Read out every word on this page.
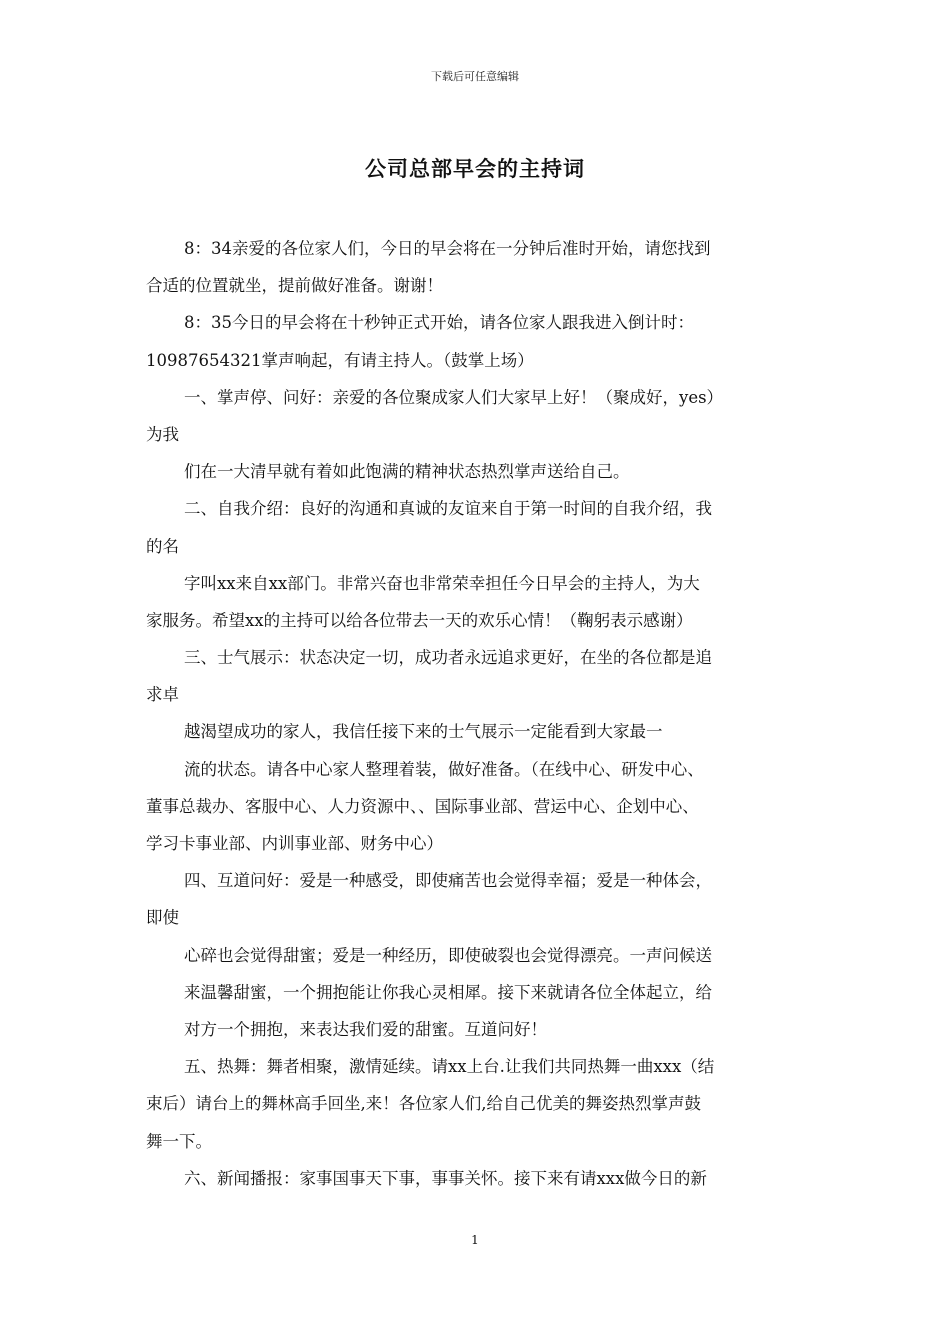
下载后可任意编辑
公司总部早会的主持词
8：34亲爱的各位家人们，今日的早会将在一分钟后准时开始，请您找到
合适的位置就坐，提前做好准备。谢谢！
8：35今日的早会将在十秒钟正式开始，请各位家人跟我进入倒计时：
10987654321掌声响起，有请主持人。（鼓掌上场）
一、掌声停、问好：亲爱的各位聚成家人们大家早上好！（聚成好，yes）
为我
们在一大清早就有着如此饱满的精神状态热烈掌声送给自己。
二、自我介绍：良好的沟通和真诚的友谊来自于第一时间的自我介绍，我
的名
字叫xx来自xx部门。非常兴奋也非常荣幸担任今日早会的主持人，为大
家服务。希望xx的主持可以给各位带去一天的欢乐心情！（鞠躬表示感谢）
三、士气展示：状态决定一切，成功者永远追求更好，在坐的各位都是追
求卓
越渴望成功的家人，我信任接下来的士气展示一定能看到大家最一
流的状态。请各中心家人整理着装，做好准备。（在线中心、研发中心、
董事总裁办、客服中心、人力资源中、、国际事业部、营运中心、企划中心、
学习卡事业部、内训事业部、财务中心）
四、互道问好：爱是一种感受，即使痛苦也会觉得幸福；爱是一种体会，
即使
心碎也会觉得甜蜜；爱是一种经历，即使破裂也会觉得漂亮。一声问候送
来温馨甜蜜，一个拥抱能让你我心灵相犀。接下来就请各位全体起立，给
对方一个拥抱，来表达我们爱的甜蜜。互道问好！
五、热舞：舞者相聚，激情延续。请xx上台.让我们共同热舞一曲xxx（结
束后）请台上的舞林高手回坐,来！各位家人们,给自己优美的舞姿热烈掌声鼓
舞一下。
六、新闻播报：家事国事天下事，事事关怀。接下来有请xxx做今日的新
1
